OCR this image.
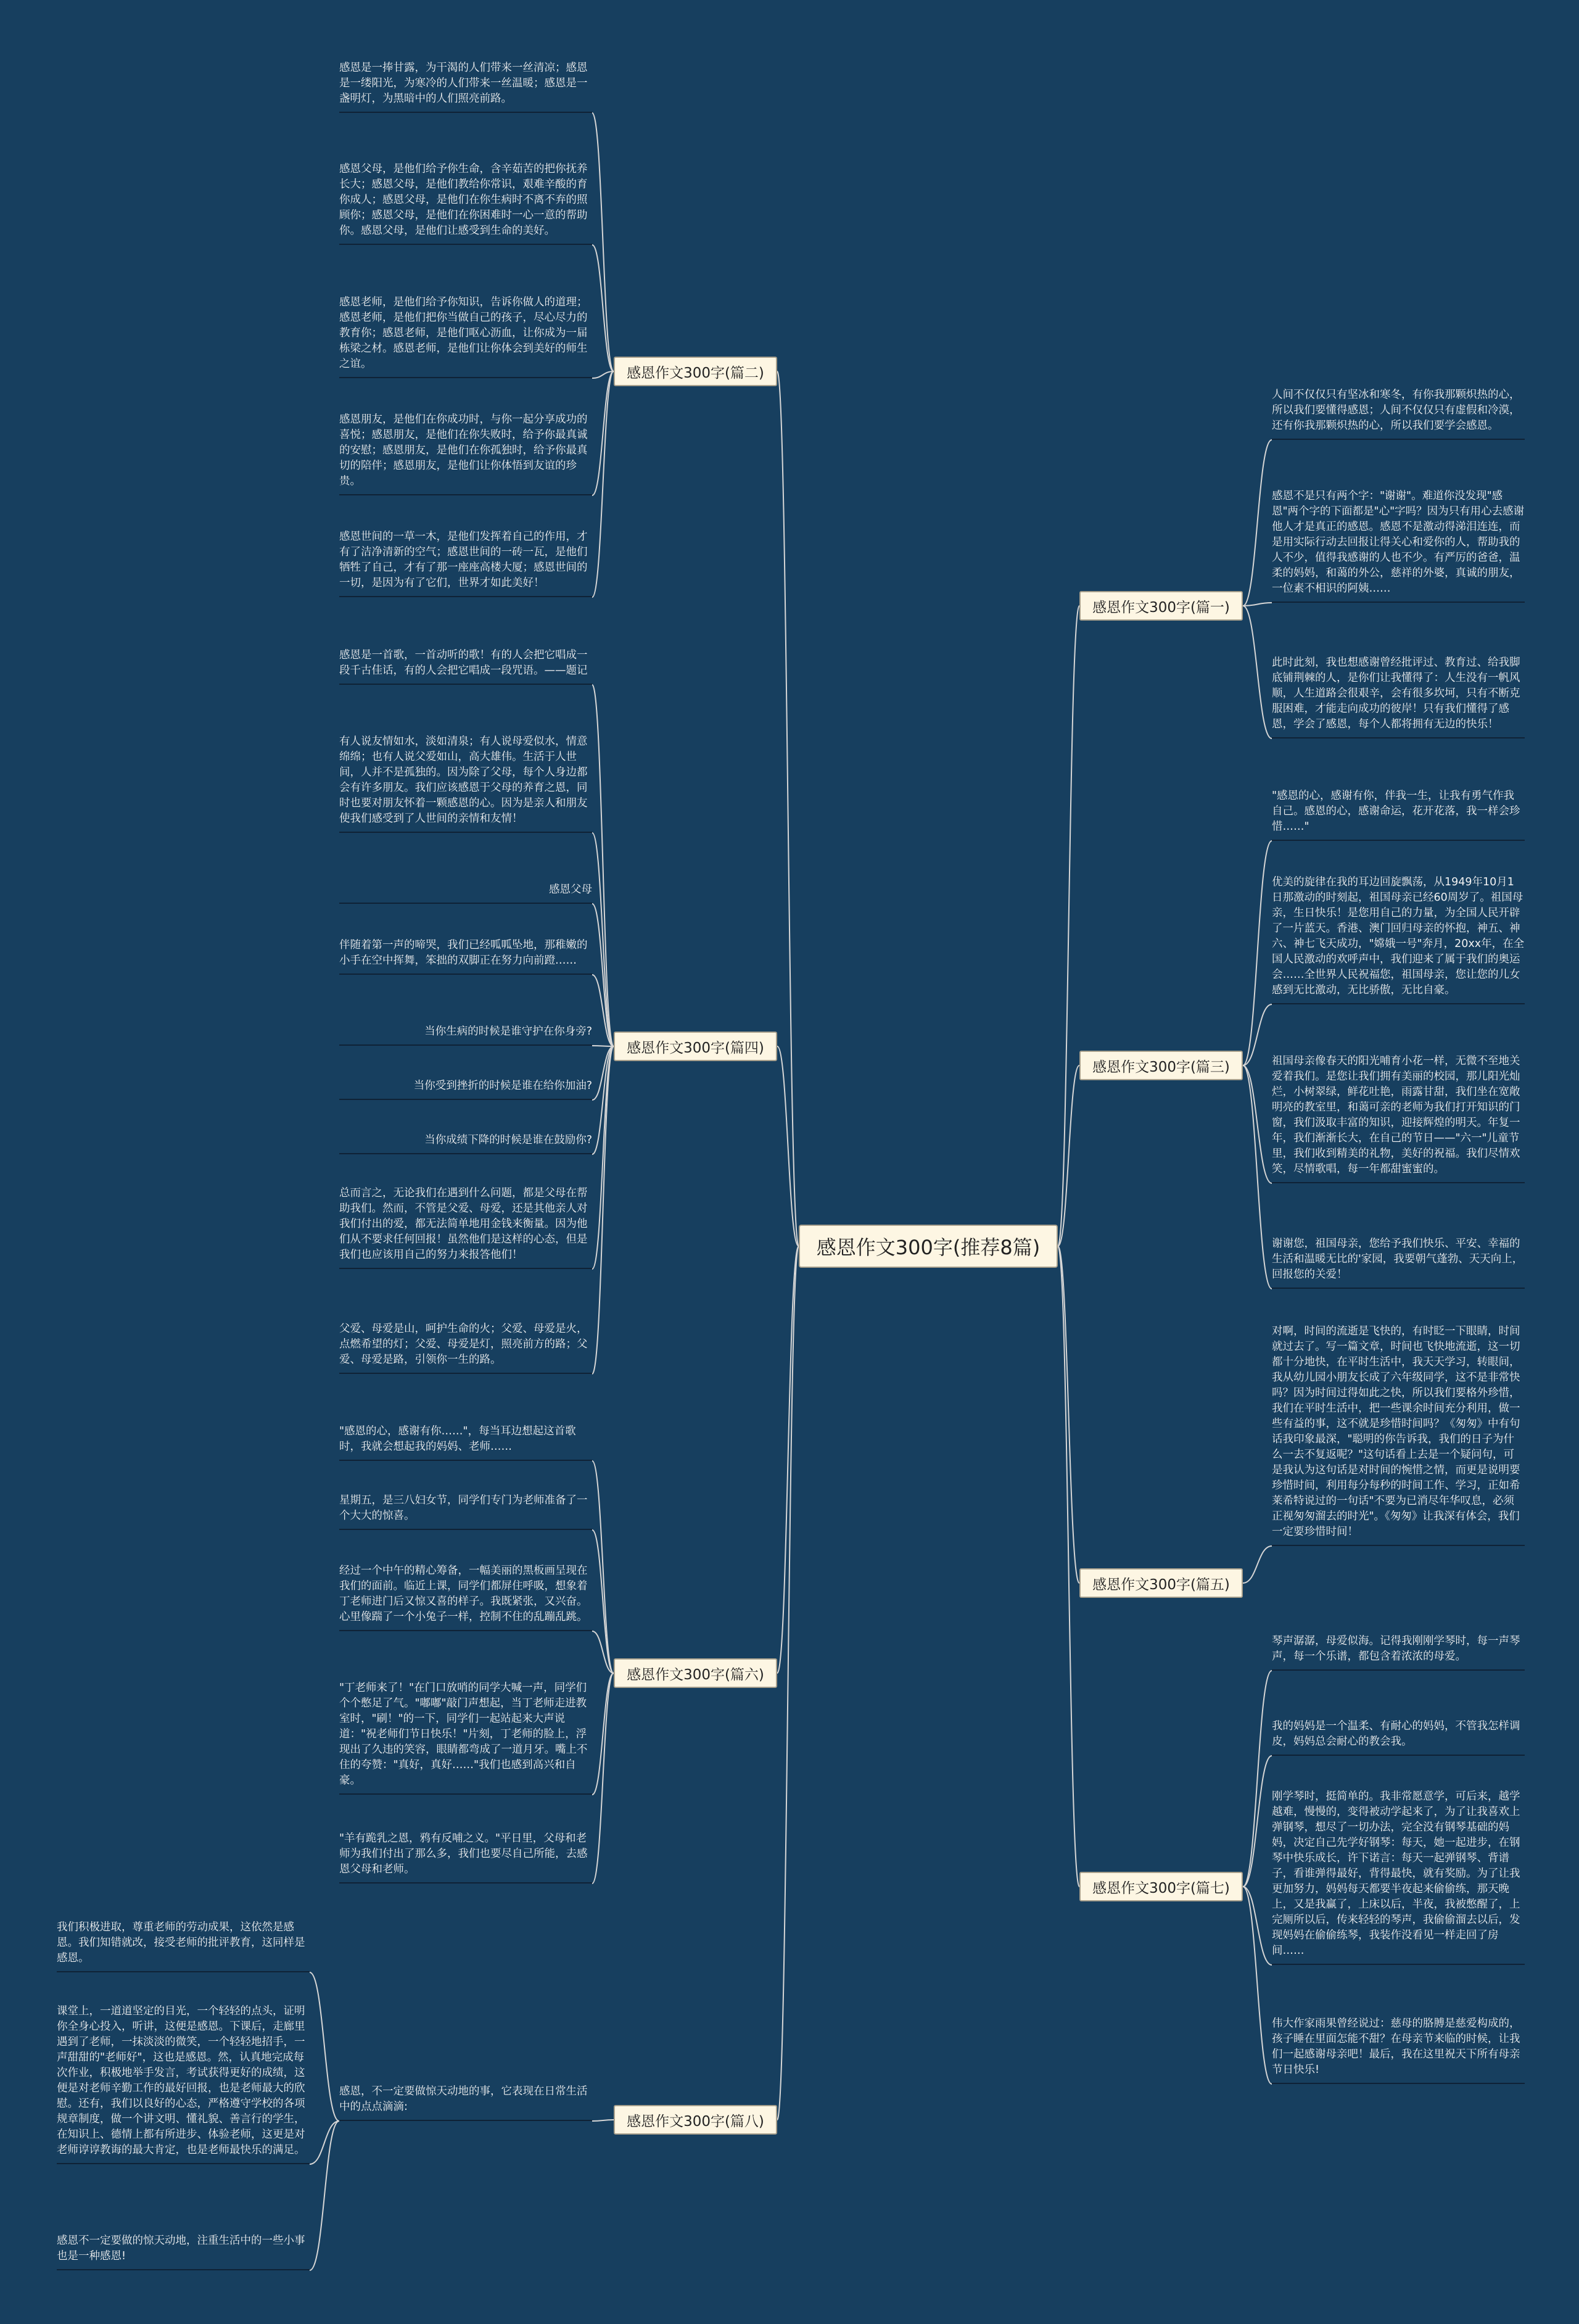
感恩作文300字(推荐8篇)
感恩作文300字(篇二)
感恩作文300字(篇四)
感恩作文300字(篇六)
感恩作文300字(篇八)
感恩作文300字(篇一)
感恩作文300字(篇三)
感恩作文300字(篇五)
感恩作文300字(篇七)
感恩是一捧甘露，为干渴的人们带来一丝清凉；感恩是一缕阳光，为寒冷的人们带来一丝温暖；感恩是一盏明灯，为黑暗中的人们照亮前路。
感恩父母，是他们给予你生命，含辛茹苦的把你抚养长大；感恩父母，是他们教给你常识，艰难辛酸的育你成人；感恩父母，是他们在你生病时不离不弃的照顾你；感恩父母，是他们在你困难时一心一意的帮助你。感恩父母，是他们让感受到生命的美好。
感恩老师，是他们给予你知识，告诉你做人的道理；感恩老师，是他们把你当做自己的孩子，尽心尽力的教育你；感恩老师，是他们呕心沥血，让你成为一届栋梁之材。感恩老师，是他们让你体会到美好的师生之谊。
感恩朋友，是他们在你成功时，与你一起分享成功的喜悦；感恩朋友，是他们在你失败时，给予你最真诚的安慰；感恩朋友，是他们在你孤独时，给予你最真切的陪伴；感恩朋友，是他们让你体悟到友谊的珍贵。
感恩世间的一草一木，是他们发挥着自己的作用，才有了洁净清新的空气；感恩世间的一砖一瓦，是他们牺牲了自己，才有了那一座座高楼大厦；感恩世间的一切，是因为有了它们，世界才如此美好！
感恩是一首歌，一首动听的歌！有的人会把它唱成一段千古佳话，有的人会把它唱成一段咒语。——题记
有人说友情如水，淡如清泉；有人说母爱似水，情意绵绵；也有人说父爱如山，高大雄伟。生活于人世间，人并不是孤独的。因为除了父母，每个人身边都会有许多朋友。我们应该感恩于父母的养育之恩，同时也要对朋友怀着一颗感恩的心。因为是亲人和朋友使我们感受到了人世间的亲情和友情！
感恩父母
伴随着第一声的啼哭，我们已经呱呱坠地，那稚嫩的小手在空中挥舞，笨拙的双脚正在努力向前蹬……
当你生病的时候是谁守护在你身旁?
当你受到挫折的时候是谁在给你加油?
当你成绩下降的时候是谁在鼓励你?
总而言之，无论我们在遇到什么问题，都是父母在帮助我们。然而，不管是父爱、母爱，还是其他亲人对我们付出的爱，都无法简单地用金钱来衡量。因为他们从不要求任何回报！虽然他们是这样的心态，但是我们也应该用自己的努力来报答他们！
父爱、母爱是山，呵护生命的火；父爱、母爱是火，点燃希望的灯；父爱、母爱是灯，照亮前方的路；父爱、母爱是路，引领你一生的路。
"感恩的心，感谢有你……"，每当耳边想起这首歌时，我就会想起我的妈妈、老师……
星期五，是三八妇女节，同学们专门为老师准备了一个大大的惊喜。
经过一个中午的精心筹备，一幅美丽的黑板画呈现在我们的面前。临近上课，同学们都屏住呼吸，想象着丁老师进门后又惊又喜的样子。我既紧张，又兴奋。心里像踹了一个小兔子一样，控制不住的乱蹦乱跳。
"丁老师来了！"在门口放哨的同学大喊一声，同学们个个憋足了气。"嘟嘟"敲门声想起，当丁老师走进教室时，"刷！"的一下，同学们一起站起来大声说道："祝老师们节日快乐！"片刻，丁老师的脸上，浮现出了久违的笑容，眼睛都弯成了一道月牙。嘴上不住的夸赞："真好，真好……"我们也感到高兴和自豪。
"羊有跪乳之恩，鸦有反哺之义。"平日里，父母和老师为我们付出了那么多，我们也要尽自己所能，去感恩父母和老师。
感恩，不一定要做惊天动地的事，它表现在日常生活中的点点滴滴:
我们积极进取，尊重老师的劳动成果，这依然是感恩。我们知错就改，接受老师的批评教育，这同样是感恩。
课堂上，一道道坚定的目光，一个轻轻的点头，证明你全身心投入，听讲，这便是感恩。下课后，走廊里遇到了老师，一抹淡淡的微笑，一个轻轻地招手，一声甜甜的"老师好"，这也是感恩。然，认真地完成每次作业，积极地举手发言，考试获得更好的成绩，这便是对老师辛勤工作的最好回报，也是老师最大的欣慰。还有，我们以良好的心态，严格遵守学校的各项规章制度，做一个讲文明、懂礼貌、善言行的学生，在知识上、德情上都有所进步、体验老师，这更是对老师谆谆教诲的最大肯定，也是老师最快乐的满足。
感恩不一定要做的惊天动地，注重生活中的一些小事也是一种感恩!
人间不仅仅只有坚冰和寒冬，有你我那颗炽热的心，所以我们要懂得感恩；人间不仅仅只有虚假和冷漠，还有你我那颗炽热的心，所以我们要学会感恩。
感恩不是只有两个字："谢谢"。难道你没发现"感恩"两个字的下面都是"心"字吗？因为只有用心去感谢他人才是真正的感恩。感恩不是激动得涕泪连连，而是用实际行动去回报让得关心和爱你的人，帮助我的人不少，值得我感谢的人也不少。有严厉的爸爸，温柔的妈妈，和蔼的外公，慈祥的外婆，真诚的朋友，一位素不相识的阿姨……
此时此刻，我也想感谢曾经批评过、教育过、给我脚底铺荆棘的人，是你们让我懂得了：人生没有一帆风顺，人生道路会很艰辛，会有很多坎坷，只有不断克服困难，才能走向成功的彼岸！只有我们懂得了感恩，学会了感恩，每个人都将拥有无边的快乐！
"感恩的心，感谢有你，伴我一生，让我有勇气作我自己。感恩的心，感谢命运，花开花落，我一样会珍惜……"
优美的旋律在我的耳边回旋飘荡，从1949年10月1日那激动的时刻起，祖国母亲已经60周岁了。祖国母亲，生日快乐！是您用自己的力量，为全国人民开辟了一片蓝天。香港、澳门回归母亲的怀抱，神五、神六、神七飞天成功，"嫦娥一号"奔月，20xx年，在全国人民激动的欢呼声中，我们迎来了属于我们的奥运会……全世界人民祝福您，祖国母亲，您让您的儿女感到无比激动，无比骄傲，无比自豪。
祖国母亲像春天的阳光哺育小花一样，无微不至地关爱着我们。是您让我们拥有美丽的校园，那儿阳光灿烂，小树翠绿，鲜花吐艳，雨露甘甜，我们坐在宽敞明亮的教室里，和蔼可亲的老师为我们打开知识的门窗，我们汲取丰富的知识，迎接辉煌的明天。年复一年，我们渐渐长大，在自己的节日——"六一"儿童节里，我们收到精美的礼物，美好的祝福。我们尽情欢笑，尽情歌唱，每一年都甜蜜蜜的。
谢谢您，祖国母亲，您给予我们快乐、平安、幸福的生活和温暖无比的'家园，我要朝气蓬勃、天天向上，回报您的关爱！
对啊，时间的流逝是飞快的，有时眨一下眼睛，时间就过去了。写一篇文章，时间也飞快地流逝，这一切都十分地快，在平时生活中，我天天学习，转眼间，我从幼儿园小朋友长成了六年级同学，这不是非常快吗？因为时间过得如此之快，所以我们要格外珍惜，我们在平时生活中，把一些课余时间充分利用，做一些有益的事，这不就是珍惜时间吗？《匆匆》中有句话我印象最深，"聪明的你告诉我，我们的日子为什么一去不复返呢？"这句话看上去是一个疑问句，可是我认为这句话是对时间的惋惜之情，而更是说明要珍惜时间，利用每分每秒的时间工作、学习，正如希莱希特说过的一句话"不要为已消尽年华叹息，必须正视匆匆溜去的时光"。《匆匆》让我深有体会，我们一定要珍惜时间！
琴声潺潺，母爱似海。记得我刚刚学琴时，每一声琴声，每一个乐谱，都包含着浓浓的母爱。
我的妈妈是一个温柔、有耐心的妈妈，不管我怎样调皮，妈妈总会耐心的教会我。
刚学琴时，挺简单的。我非常愿意学，可后来，越学越难，慢慢的，变得被动学起来了，为了让我喜欢上弹钢琴，想尽了一切办法，完全没有钢琴基础的妈妈，决定自己先学好钢琴：每天，她一起进步，在钢琴中快乐成长，许下诺言：每天一起弹钢琴、背谱子，看谁弹得最好，背得最快，就有奖励。为了让我更加努力，妈妈每天都要半夜起来偷偷练，那天晚上，又是我赢了，上床以后，半夜，我被憋醒了，上完厕所以后，传来轻轻的琴声，我偷偷溜去以后，发现妈妈在偷偷练琴，我装作没看见一样走回了房间……
伟大作家雨果曾经说过：慈母的胳膊是慈爱构成的，孩子睡在里面怎能不甜？在母亲节来临的时候，让我们一起感谢母亲吧！最后，我在这里祝天下所有母亲节日快乐!
